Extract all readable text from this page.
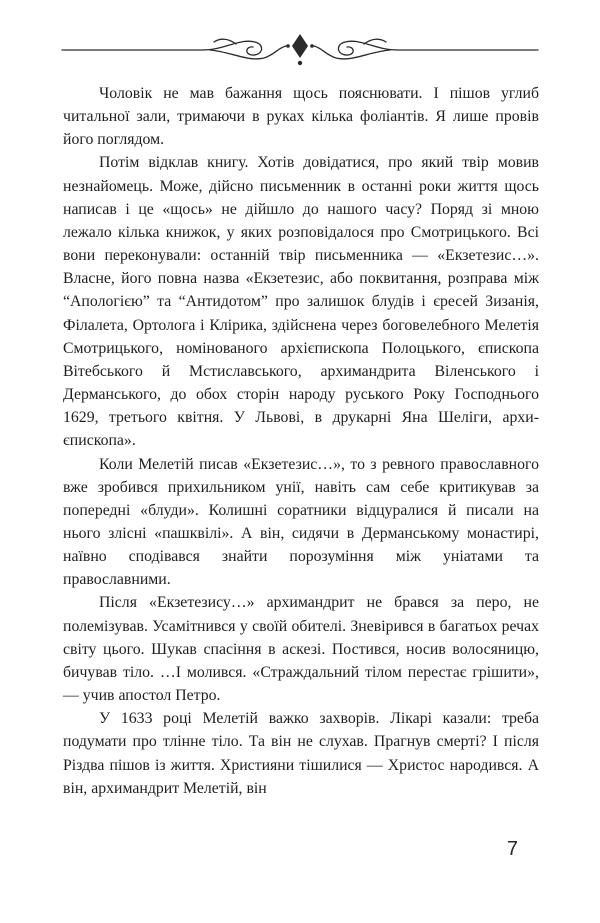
Чоловік не мав бажання щось пояснювати. І пішов углиб читальної зали, тримаючи в руках кілька фоліантів. Я лише провів його поглядом.

Потім відклав книгу. Хотів довідатися, про який твір мовив незнайомець. Може, дійсно письменник в останні роки життя щось написав і це «щось» не дійшло до нашого часу? Поряд зі мною лежало кілька книжок, у яких розповідалося про Смотрицького. Всі вони переконували: останній твір письменника — «Екзетезис…». Власне, його повна назва «Екзетезис, або поквитання, розправа між “Апологією” та “Антидотом” про залишок блудів і єресей Зизанія, Філалета, Ортолога і Клірика, здійснена через боговелебного Мелетія Смотрицького, номінованого архієпископа Полоцького, єпископа Вітебського й Мстиславського, архимандрита Віленського і Дерманського, до обох сторін народу руського Року Господнього 1629, третього квітня. У Львові, в друкарні Яна Шеліги, архиєпископа».

Коли Мелетій писав «Екзетезис…», то з ревного православного вже зробився прихильником унії, навіть сам себе критикував за попередні «блуди». Колишні соратники відцуралися й писали на нього злісні «пашквілі». А він, сидячи в Дерманському монастирі, наївно сподівався знайти порозуміння між уніатами та православними.

Після «Екзетезису…» архимандрит не брався за перо, не полемізував. Усамітнився у своїй обителі. Зневірився в багатьох речах світу цього. Шукав спасіння в аскезі. Постився, носив волосяницю, бичував тіло. …І молився. «Страждальний тілом перестає грішити», — учив апостол Петро.

У 1633 році Мелетій важко захворів. Лікарі казали: треба подумати про тлінне тіло. Та він не слухав. Прагнув смерті? І після Різдва пішов із життя. Християни тішилися — Христос народився. А він, архимандрит Мелетій, він

7
